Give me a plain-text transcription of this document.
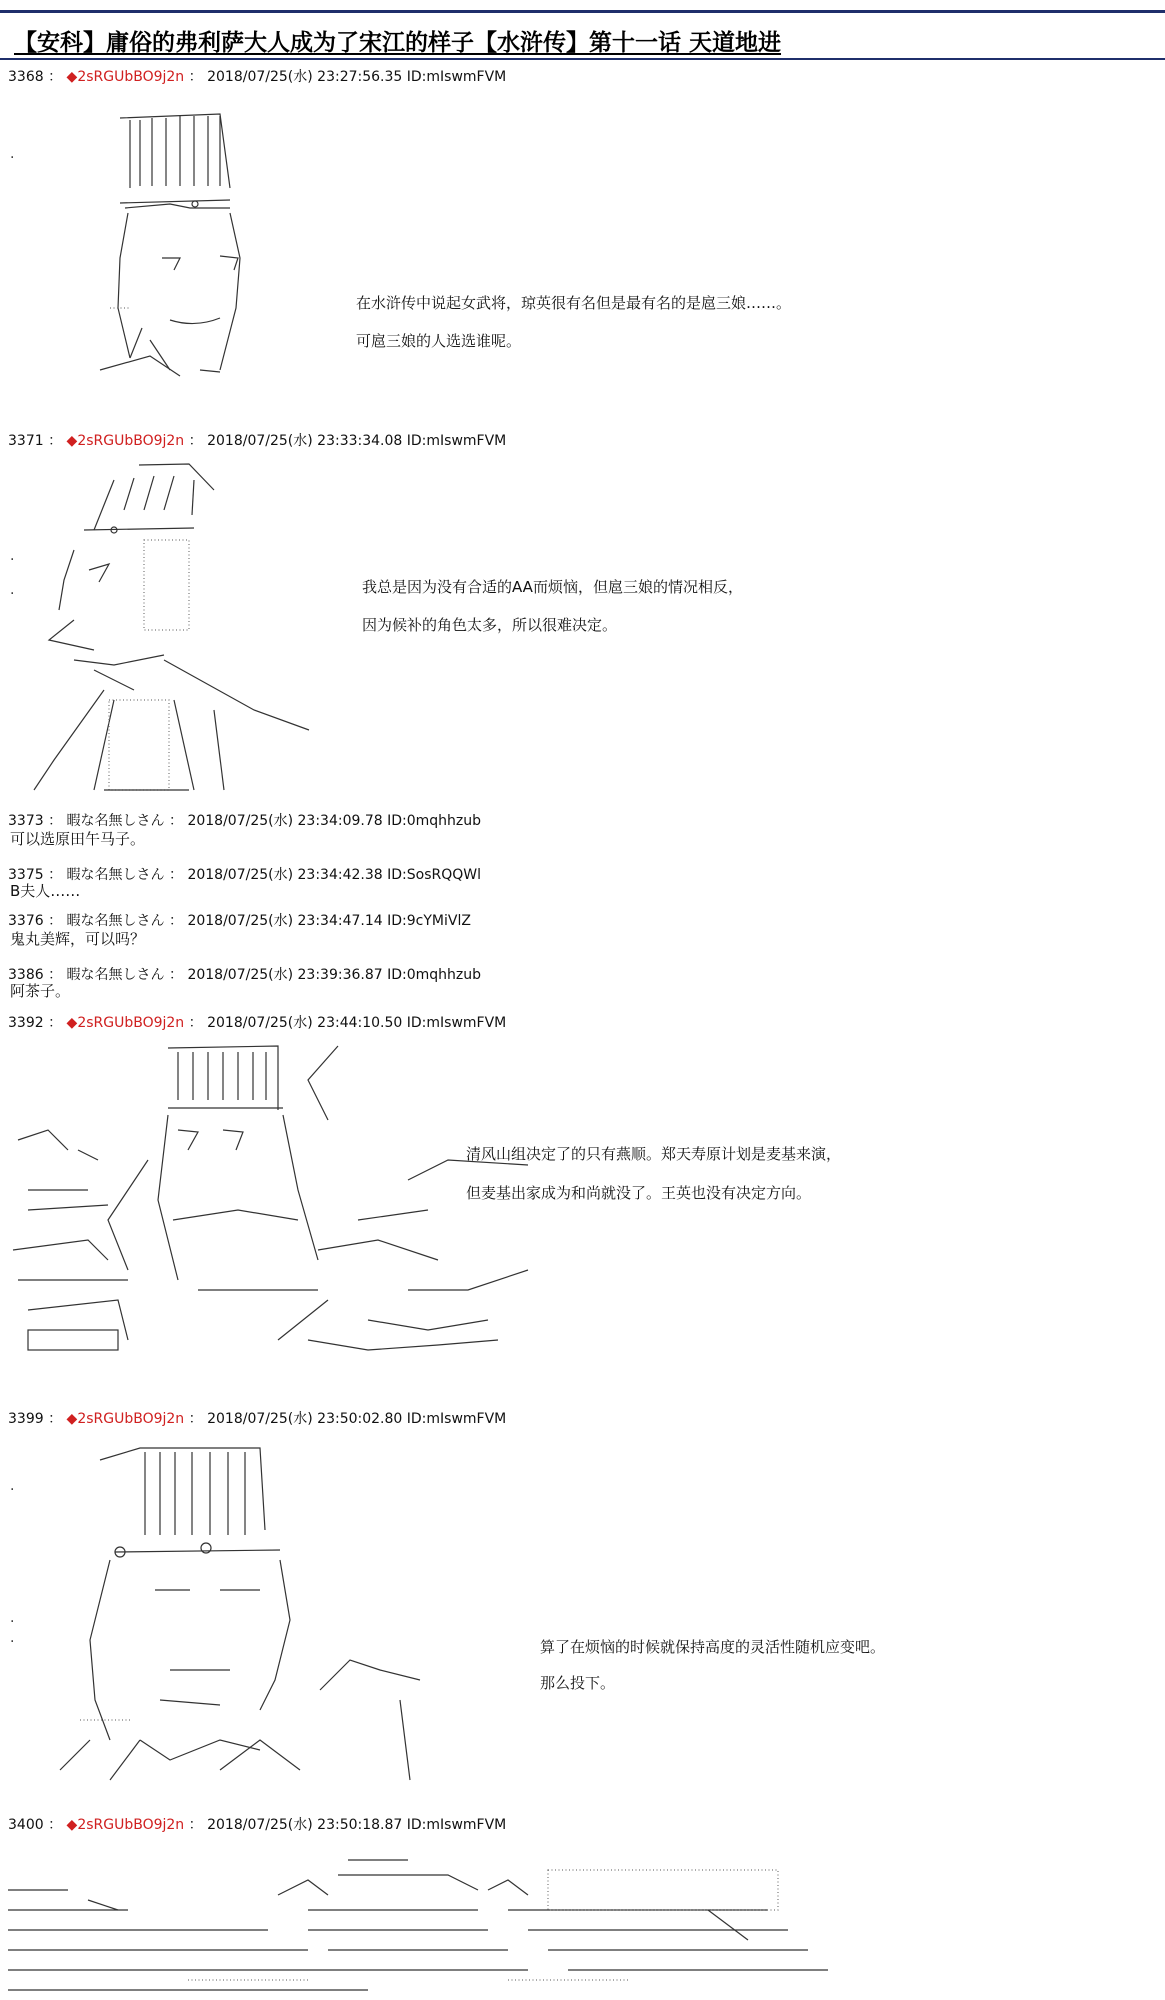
【安科】庸俗的弗利萨大人成为了宋江的样子【水浒传】第十一话 天道地进
3368 ： ◆2sRGUbBO9j2n ： 2018/07/25(水) 23:27:56.35 ID:mIswmFVM
.
在水浒传中说起女武将，琼英很有名但是最有名的是扈三娘……。
可扈三娘的人选选谁呢。
3371 ： ◆2sRGUbBO9j2n ： 2018/07/25(水) 23:33:34.08 ID:mIswmFVM
.
.	我总是因为没有合适的AA而烦恼，但扈三娘的情况相反，
因为候补的角色太多，所以很难决定。
3373 ： 暇な名無しさん ： 2018/07/25(水) 23:34:09.78 ID:0mqhhzub
可以选原田午马子。
3375 ： 暇な名無しさん ： 2018/07/25(水) 23:34:42.38 ID:SosRQQWl
B夫人……
3376 ： 暇な名無しさん ： 2018/07/25(水) 23:34:47.14 ID:9cYMiVlZ
鬼丸美辉，可以吗？
3386 ： 暇な名無しさん ： 2018/07/25(水) 23:39:36.87 ID:0mqhhzub
阿茶子。
3392 ： ◆2sRGUbBO9j2n ： 2018/07/25(水) 23:44:10.50 ID:mIswmFVM
清风山组决定了的只有燕顺。郑天寿原计划是麦基来演，
但麦基出家成为和尚就没了。王英也没有决定方向。
3399 ： ◆2sRGUbBO9j2n ： 2018/07/25(水) 23:50:02.80 ID:mIswmFVM
.
.
.	算了在烦恼的时候就保持高度的灵活性随机应变吧。
那么投下。
3400 ： ◆2sRGUbBO9j2n ： 2018/07/25(水) 23:50:18.87 ID:mIswmFVM
